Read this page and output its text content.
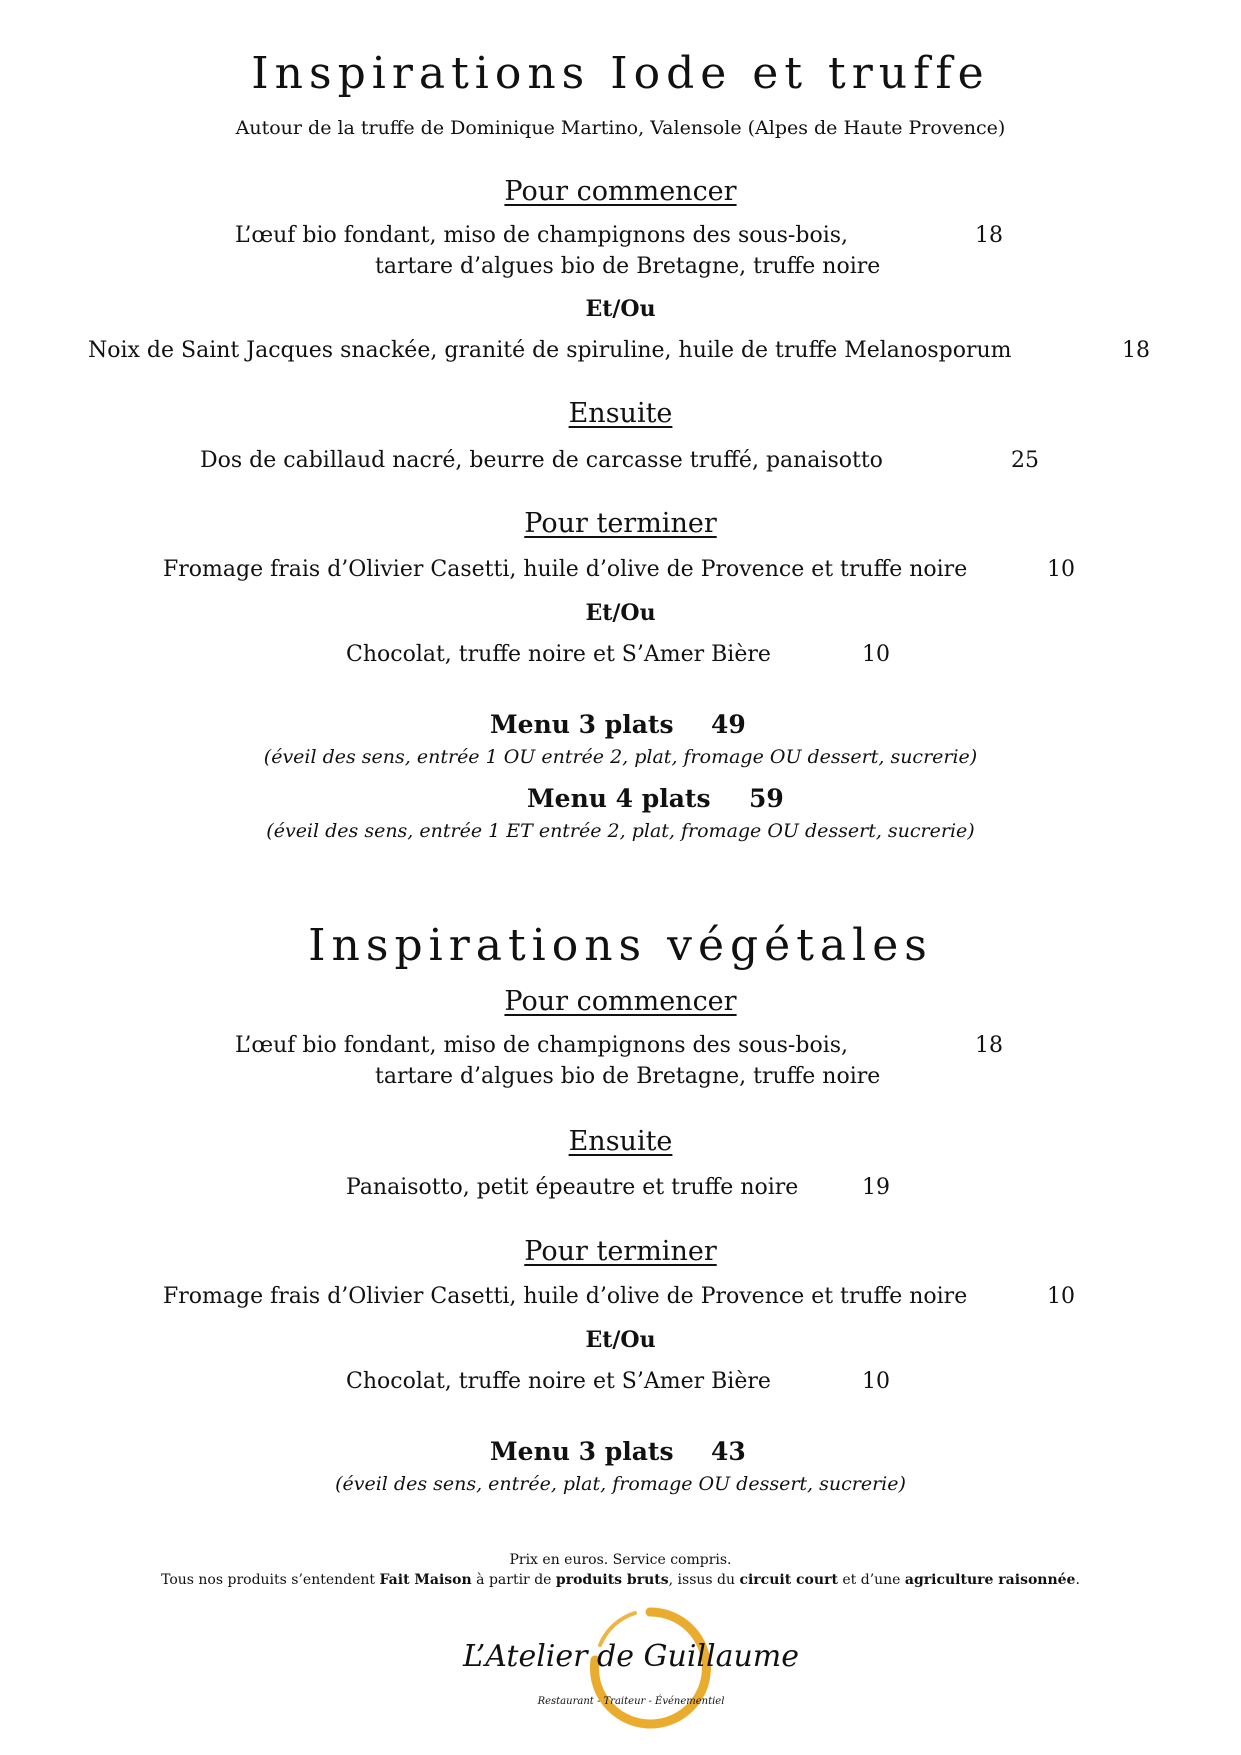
Inspirations Iode et truffe
Autour de la truffe de Dominique Martino, Valensole (Alpes de Haute Provence)
Pour commencer
L’œuf bio fondant, miso de champignons des sous-bois,
tartare d’algues bio de Bretagne, truffe noire
18
Et/Ou
Noix de Saint Jacques snackée, granité de spiruline, huile de truffe Melanosporum	18
Ensuite
Dos de cabillaud nacré, beurre de carcasse truffé, panaisotto	25
Pour terminer
Fromage frais d’Olivier Casetti, huile d’olive de Provence et truffe noire	10
Et/Ou
Chocolat, truffe noire et S’Amer Bière	10
Menu 3 plats 49
(éveil des sens, entrée 1 OU entrée 2, plat, fromage OU dessert, sucrerie)
Menu 4 plats 59
(éveil des sens, entrée 1 ET entrée 2, plat, fromage OU dessert, sucrerie)
Inspirations végétales
Pour commencer
L’œuf bio fondant, miso de champignons des sous-bois,
tartare d’algues bio de Bretagne, truffe noire
18
Ensuite
Panaisotto, petit épeautre et truffe noire	19
Pour terminer
Fromage frais d’Olivier Casetti, huile d’olive de Provence et truffe noire	10
Et/Ou
Chocolat, truffe noire et S’Amer Bière	10
Menu 3 plats 43
(éveil des sens, entrée, plat, fromage OU dessert, sucrerie)
Prix en euros. Service compris.
Tous nos produits s’entendent Fait Maison à partir de produits bruts, issus du circuit court et d’une agriculture raisonnée.
L’Atelier de Guillaume
Restaurant - Traiteur - Événementiel
